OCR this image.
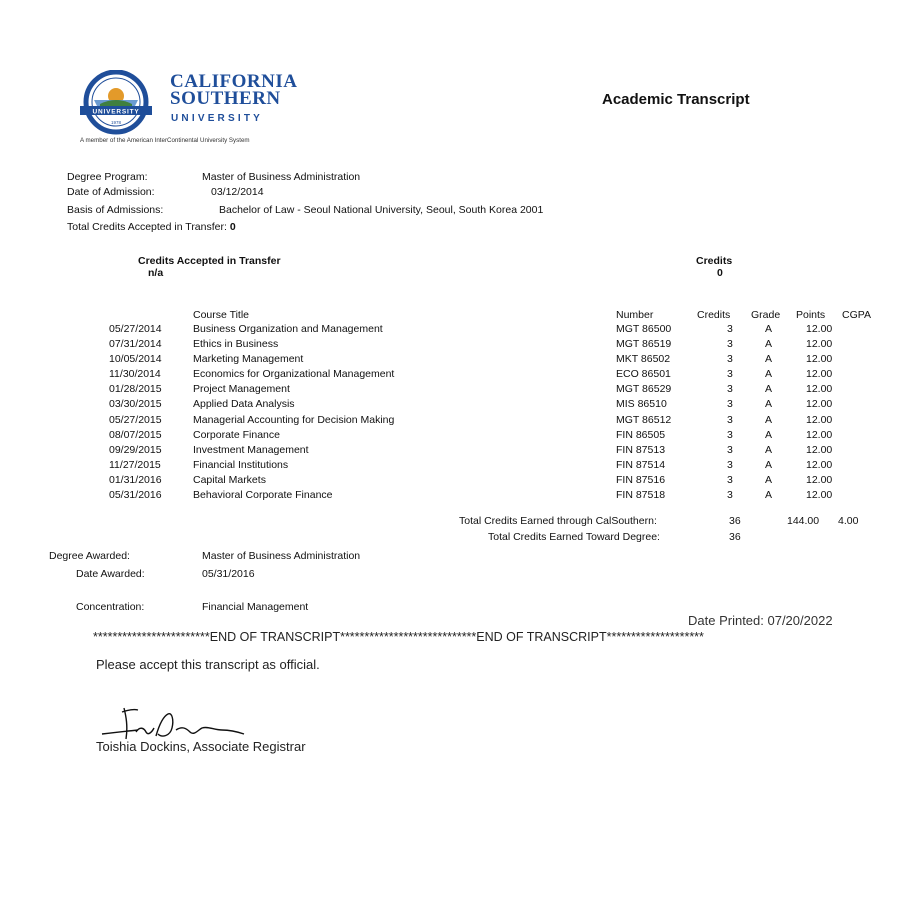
UNIVERSITY
1978
CALIFORNIA
SOUTHERN
UNIVERSITY
A member of the American InterContinental University System
Academic Transcript
Degree Program:	Master of Business Administration
Date of Admission:	03/12/2014
Basis of Admissions:	Bachelor of Law - Seoul National University, Seoul, South Korea 2001
Total Credits Accepted in Transfer: 0
Credits Accepted in Transfer
n/a
Credits
0
Course Title	Number	Credits Grade Points CGPA
05/27/2014	Business Organization and Management	MGT 86500	3	A	12.00
07/31/2014	Ethics in Business	MGT 86519	3	A	12.00
10/05/2014	Marketing Management	MKT 86502	3	A	12.00
11/30/2014	Economics for Organizational Management	ECO 86501	3	A	12.00
01/28/2015	Project Management	MGT 86529	3	A	12.00
03/30/2015	Applied Data Analysis	MIS 86510	3	A	12.00
05/27/2015	Managerial Accounting for Decision Making	MGT 86512	3	A	12.00
08/07/2015	Corporate Finance	FIN 86505	3	A	12.00
09/29/2015	Investment Management	FIN 87513	3	A	12.00
11/27/2015	Financial Institutions	FIN 87514	3	A	12.00
01/31/2016	Capital Markets	FIN 87516	3	A	12.00
05/31/2016	Behavioral Corporate Finance	FIN 87518	3	A	12.00
Total Credits Earned through CalSouthern:	36	144.00 4.00
Total Credits Earned Toward Degree:	36
Degree Awarded:	Master of Business Administration
Date Awarded:	05/31/2016
Concentration:	Financial Management
Date Printed: 07/20/2022
************************END OF TRANSCRIPT****************************END OF TRANSCRIPT********************
Please accept this transcript as official.
Toishia Dockins, Associate Registrar
